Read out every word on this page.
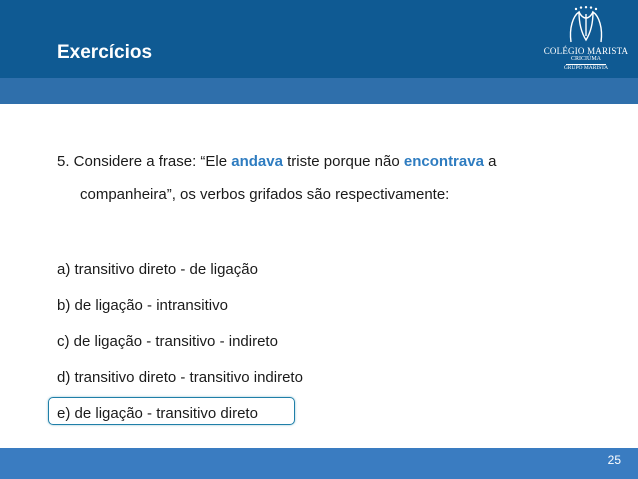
Exercícios	COLÉGIO MARISTA
CRICIÚMA
GRUPO MARISTA
5. Considere a frase: “Ele andava triste porque não encontrava a
companheira”, os verbos grifados são respectivamente:
a) transitivo direto - de ligação
b) de ligação - intransitivo
c) de ligação - transitivo - indireto
d) transitivo direto - transitivo indireto
e) de ligação - transitivo direto
25
